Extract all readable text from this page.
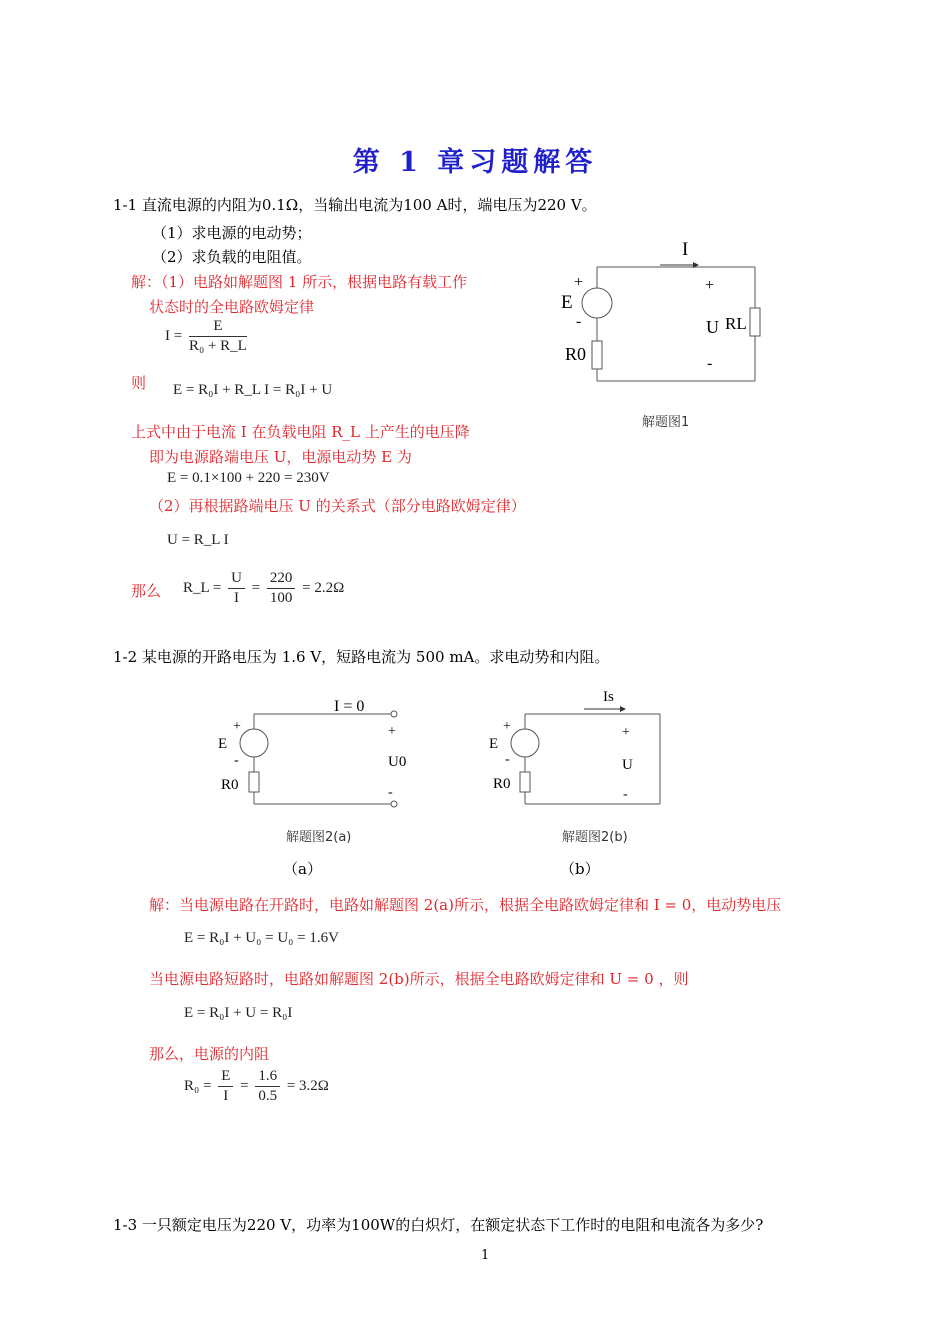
第 1 章习题解答
1-1 直流电源的内阻为0.1Ω，当输出电流为100 A时，端电压为220 V。
（1）求电源的电动势；
（2）求负载的电阻值。
解：（1）电路如解题图 1 所示，根据电路有载工作
状态时的全电路欧姆定律
$I = \frac{E}{\text{R₀ + R\_L}}$
则 E = R₀I + R_L I = R₀I + U
上式中由于电流 I 在负载电阻 R_L 上产生的电压降
即为电源路端电压 U，电源电动势 E 为
E = 0.1×100 + 220 = 230V
（2）再根据路端电压 U 的关系式（部分电路欧姆定律）
U = R_L I
那么 R_L = $\frac{U}{I} = \frac{220}{100} = 2.2\Omega$
I
+
E
-
R0
+
U RL
-
解题图1
1-2 某电源的开路电压为 1.6 V，短路电流为 500 mA。求电动势和内阻。
+
E
-
R0
I = 0
+
U0
-
Is
+
E
-
R0
+
U
-
解题图2(a)	解题图2(b)
（a）	（b）
解：当电源电路在开路时，电路如解题图 2(a)所示，根据全电路欧姆定律和 I = 0，电动势电压
E = R₀I + U₀ = U₀ = 1.6V
当电源电路短路时，电路如解题图 2(b)所示，根据全电路欧姆定律和 U = 0 ，则
E = R₀I + U = R₀I
那么，电源的内阻
$R_0 = \frac{E}{I} = \frac{1.6}{0.5} = 3.2\Omega$
1-3 一只额定电压为220 V，功率为100W的白炽灯，在额定状态下工作时的电阻和电流各为多少?
1
